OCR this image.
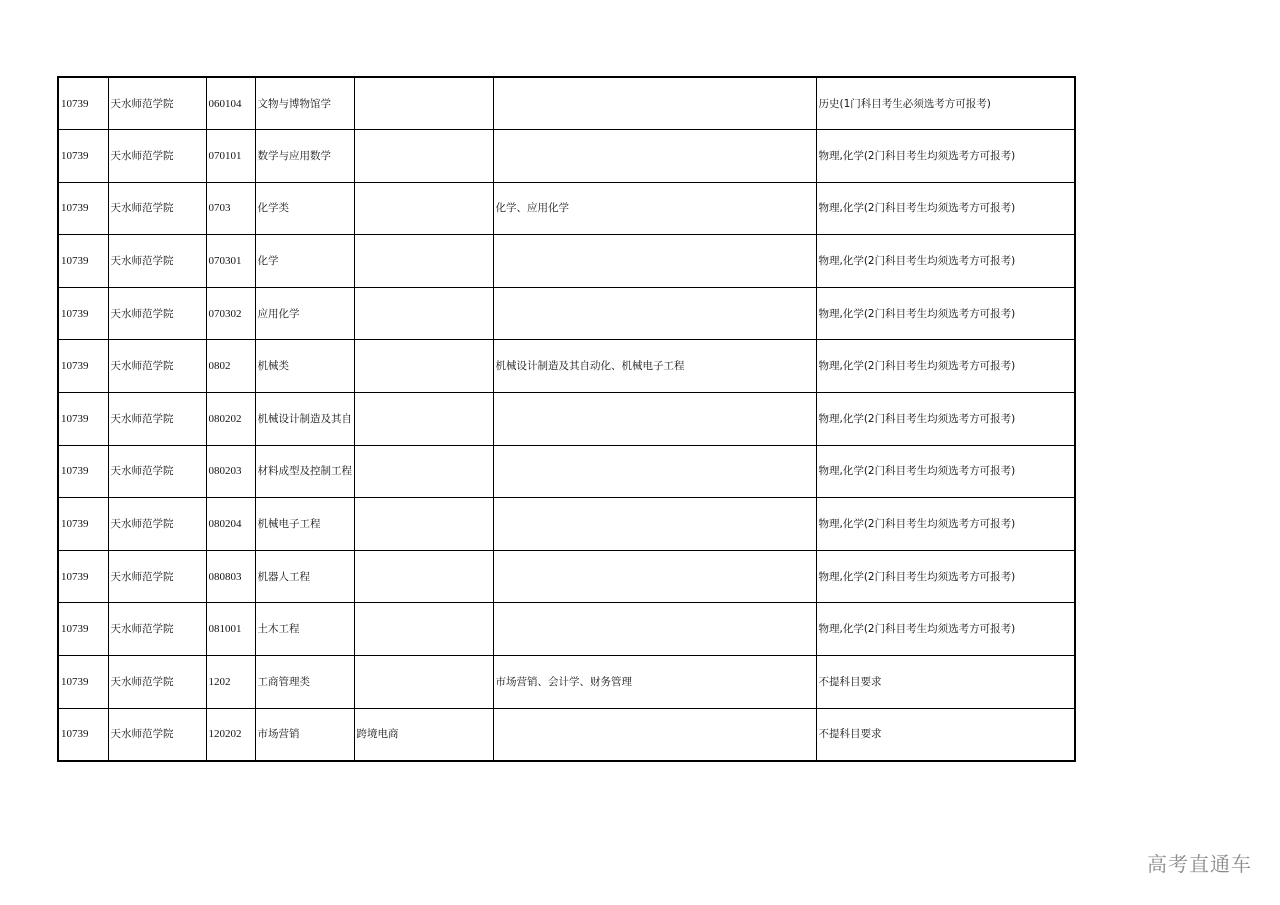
10739	天水师范学院	060104	文物与博物馆学			历史(1门科目考生必须选考方可报考)
10739	天水师范学院	070101	数学与应用数学			物理,化学(2门科目考生均须选考方可报考)
10739	天水师范学院	0703	化学类		化学、应用化学	物理,化学(2门科目考生均须选考方可报考)
10739	天水师范学院	070301	化学			物理,化学(2门科目考生均须选考方可报考)
10739	天水师范学院	070302	应用化学			物理,化学(2门科目考生均须选考方可报考)
10739	天水师范学院	0802	机械类		机械设计制造及其自动化、机械电子工程	物理,化学(2门科目考生均须选考方可报考)
10739	天水师范学院	080202	机械设计制造及其自			物理,化学(2门科目考生均须选考方可报考)
10739	天水师范学院	080203	材料成型及控制工程			物理,化学(2门科目考生均须选考方可报考)
10739	天水师范学院	080204	机械电子工程			物理,化学(2门科目考生均须选考方可报考)
10739	天水师范学院	080803	机器人工程			物理,化学(2门科目考生均须选考方可报考)
10739	天水师范学院	081001	土木工程			物理,化学(2门科目考生均须选考方可报考)
10739	天水师范学院	1202	工商管理类		市场营销、会计学、财务管理	不提科目要求
10739	天水师范学院	120202	市场营销	跨境电商		不提科目要求
高考直通车
